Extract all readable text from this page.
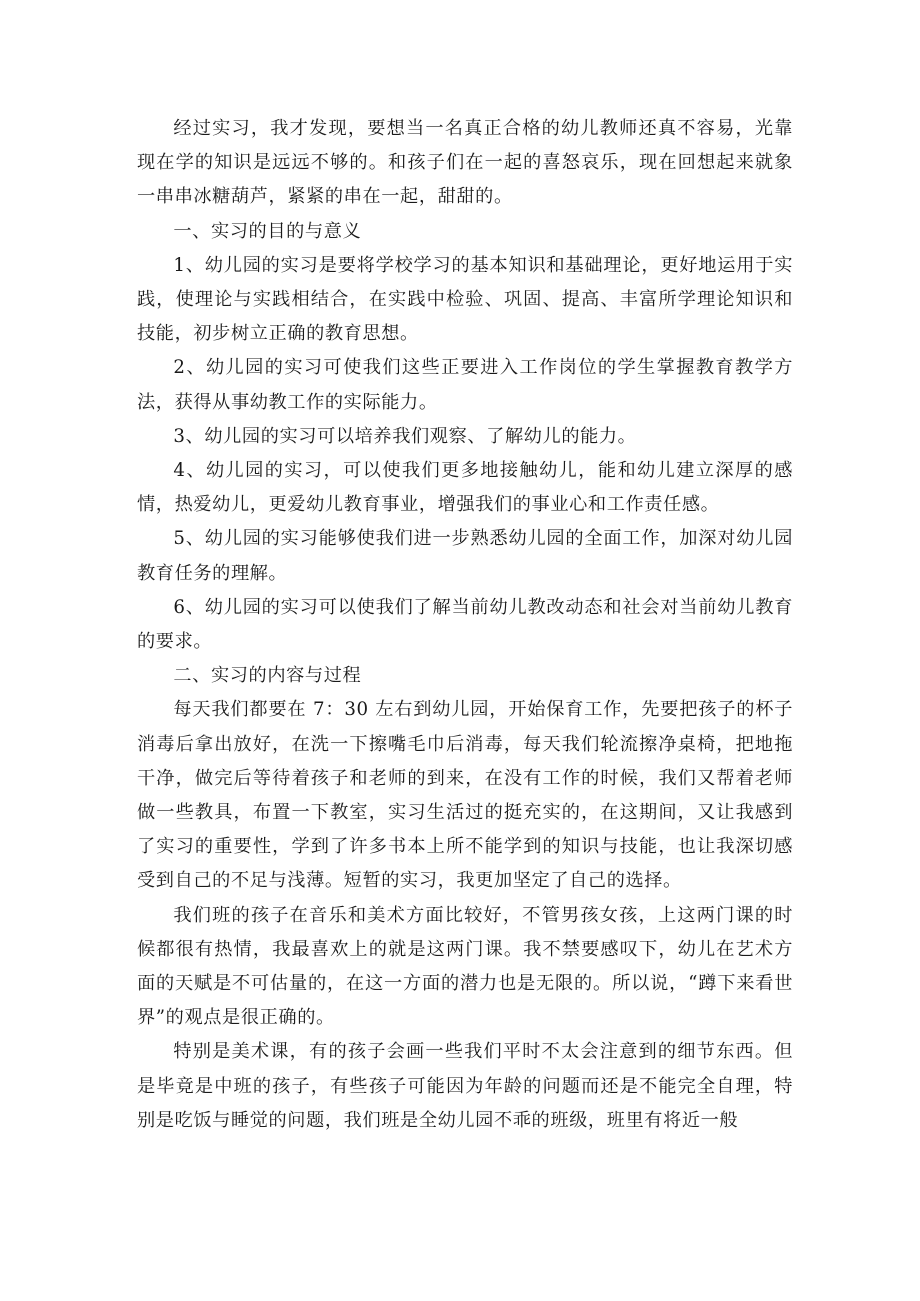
经过实习，我才发现，要想当一名真正合格的幼儿教师还真不容易，光靠现在学的知识是远远不够的。和孩子们在一起的喜怒哀乐，现在回想起来就象一串串冰糖葫芦，紧紧的串在一起，甜甜的。

一、实习的目的与意义

1、幼儿园的实习是要将学校学习的基本知识和基础理论，更好地运用于实践，使理论与实践相结合，在实践中检验、巩固、提高、丰富所学理论知识和技能，初步树立正确的教育思想。

2、幼儿园的实习可使我们这些正要进入工作岗位的学生掌握教育教学方法，获得从事幼教工作的实际能力。

3、幼儿园的实习可以培养我们观察、了解幼儿的能力。

4、幼儿园的实习，可以使我们更多地接触幼儿，能和幼儿建立深厚的感情，热爱幼儿，更爱幼儿教育事业，增强我们的事业心和工作责任感。

5、幼儿园的实习能够使我们进一步熟悉幼儿园的全面工作，加深对幼儿园教育任务的理解。

6、幼儿园的实习可以使我们了解当前幼儿教改动态和社会对当前幼儿教育的要求。

二、实习的内容与过程

每天我们都要在 7：30 左右到幼儿园，开始保育工作，先要把孩子的杯子消毒后拿出放好，在洗一下擦嘴毛巾后消毒，每天我们轮流擦净桌椅，把地拖干净，做完后等待着孩子和老师的到来，在没有工作的时候，我们又帮着老师做一些教具，布置一下教室，实习生活过的挺充实的，在这期间，又让我感到了实习的重要性，学到了许多书本上所不能学到的知识与技能，也让我深切感受到自己的不足与浅薄。短暂的实习，我更加坚定了自己的选择。

我们班的孩子在音乐和美术方面比较好，不管男孩女孩，上这两门课的时候都很有热情，我最喜欢上的就是这两门课。我不禁要感叹下，幼儿在艺术方面的天赋是不可估量的，在这一方面的潜力也是无限的。所以说，“蹲下来看世界”的观点是很正确的。

特别是美术课，有的孩子会画一些我们平时不太会注意到的细节东西。但是毕竟是中班的孩子，有些孩子可能因为年龄的问题而还是不能完全自理，特别是吃饭与睡觉的问题，我们班是全幼儿园不乖的班级，班里有将近一般
